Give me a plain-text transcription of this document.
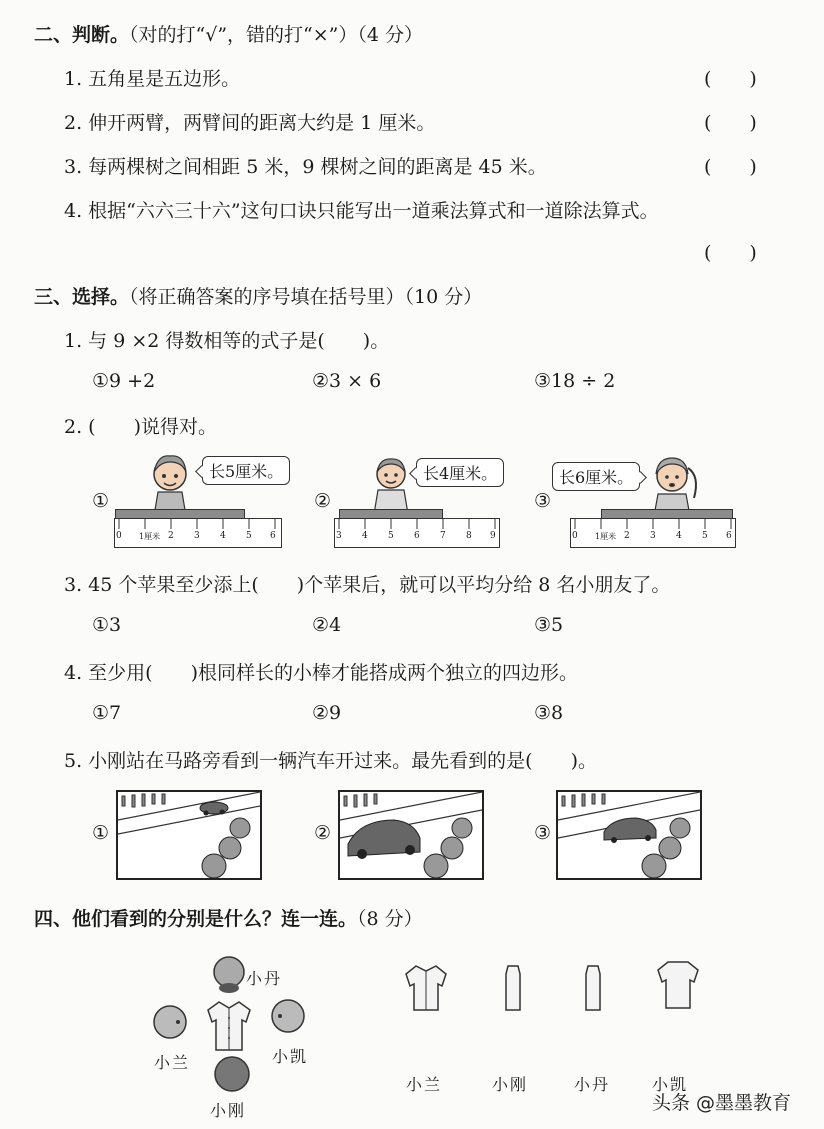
二、判断。（对的打“√”，错的打“×”）（4 分）
1. 五角星是五边形。	(　　)
2. 伸开两臂，两臂间的距离大约是 1 厘米。	(　　)
3. 每两棵树之间相距 5 米，9 棵树之间的距离是 45 米。	(　　)
4. 根据“六六三十六”这句口诀只能写出一道乘法算式和一道除法算式。
(　　)
三、选择。（将正确答案的序号填在括号里）（10 分）
1. 与 9 ×2 得数相等的式子是(　　)。
①9 +2	②3 × 6	③18 ÷ 2
2. (　　)说得对。
①
长5厘米。
0 1厘米 2 3 4 5 6
②
长4厘米。
3 4 5 6 7 8 9
③
长6厘米。
0 1厘米 2 3 4 5 6
3. 45 个苹果至少添上(　　)个苹果后，就可以平均分给 8 名小朋友了。
①3	②4	③5
4. 至少用(　　)根同样长的小棒才能搭成两个独立的四边形。
①7	②9	③8
5. 小刚站在马路旁看到一辆汽车开过来。最先看到的是(　　)。
①	②	③
四、他们看到的分别是什么？连一连。（8 分）
小丹
小兰	小凯
小刚
小兰	小刚	小丹	小凯
头条 @墨墨教育
